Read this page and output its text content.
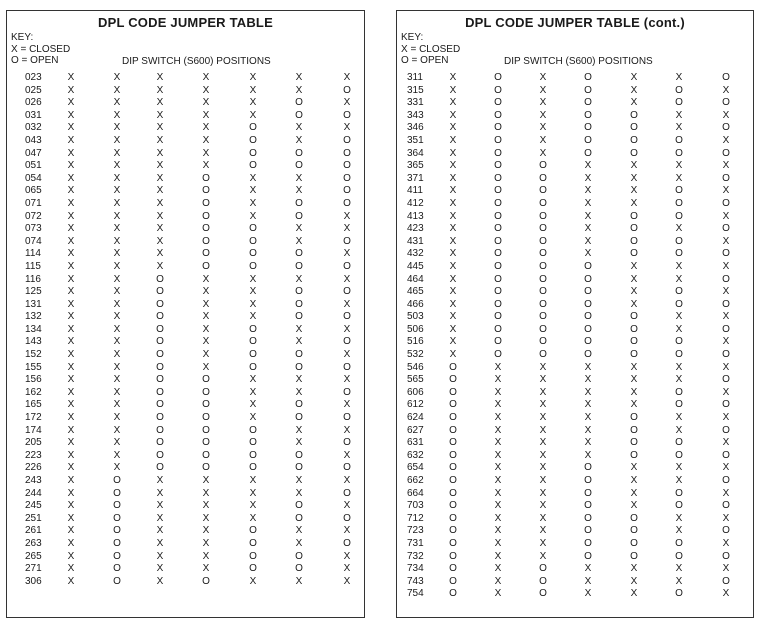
DPL CODE JUMPER TABLE
KEY:
X = CLOSED
O = OPEN	DIP SWITCH (S600) POSITIONS
023	X	X	X	X	X	X	X
025	X	X	X	X	X	X	O
026	X	X	X	X	X	O	X
031	X	X	X	X	X	O	O
032	X	X	X	X	O	X	X
043	X	X	X	X	O	X	O
047	X	X	X	X	O	O	O
051	X	X	X	X	O	O	O
054	X	X	X	O	X	X	O
065	X	X	X	O	X	X	O
071	X	X	X	O	X	O	O
072	X	X	X	O	X	O	X
073	X	X	X	O	O	X	X
074	X	X	X	O	O	X	O
114	X	X	X	O	O	O	X
115	X	X	X	O	O	O	O
116	X	X	O	X	X	X	X
125	X	X	O	X	X	O	O
131	X	X	O	X	X	O	X
132	X	X	O	X	X	O	O
134	X	X	O	X	O	X	X
143	X	X	O	X	O	X	O
152	X	X	O	X	O	O	X
155	X	X	O	X	O	O	O
156	X	X	O	O	X	X	X
162	X	X	O	O	X	X	O
165	X	X	O	O	X	O	X
172	X	X	O	O	X	O	O
174	X	X	O	O	O	X	X
205	X	X	O	O	O	X	O
223	X	X	O	O	O	O	X
226	X	X	O	O	O	O	O
243	X	O	X	X	X	X	X
244	X	O	X	X	X	X	O
245	X	O	X	X	X	O	X
251	X	O	X	X	X	O	O
261	X	O	X	X	O	X	X
263	X	O	X	X	O	X	O
265	X	O	X	X	O	O	X
271	X	O	X	X	O	O	X
306	X	O	X	O	X	X	X
DPL CODE JUMPER TABLE (cont.)
KEY:
X = CLOSED
O = OPEN	DIP SWITCH (S600) POSITIONS
311	X	O	X	O	X	X	O
315	X	O	X	O	X	O	X
331	X	O	X	O	X	O	O
343	X	O	X	O	O	X	X
346	X	O	X	O	O	X	O
351	X	O	X	O	O	O	X
364	X	O	X	O	O	O	O
365	X	O	O	X	X	X	X
371	X	O	O	X	X	X	O
411	X	O	O	X	X	O	X
412	X	O	O	X	X	O	O
413	X	O	O	X	O	O	X
423	X	O	O	X	O	X	O
431	X	O	O	X	O	O	X
432	X	O	O	X	O	O	O
445	X	O	O	O	X	X	X
464	X	O	O	O	X	X	O
465	X	O	O	O	X	O	X
466	X	O	O	O	X	O	O
503	X	O	O	O	O	X	X
506	X	O	O	O	O	X	O
516	X	O	O	O	O	O	X
532	X	O	O	O	O	O	O
546	O	X	X	X	X	X	X
565	O	X	X	X	X	X	O
606	O	X	X	X	X	O	X
612	O	X	X	X	X	O	O
624	O	X	X	X	O	X	X
627	O	X	X	X	O	X	O
631	O	X	X	X	O	O	X
632	O	X	X	X	O	O	O
654	O	X	X	O	X	X	X
662	O	X	X	O	X	X	O
664	O	X	X	O	X	O	X
703	O	X	X	O	X	O	O
712	O	X	X	O	O	X	X
723	O	X	X	O	O	X	O
731	O	X	X	O	O	O	X
732	O	X	X	O	O	O	O
734	O	X	O	X	X	X	X
743	O	X	O	X	X	X	O
754	O	X	O	X	X	O	X
